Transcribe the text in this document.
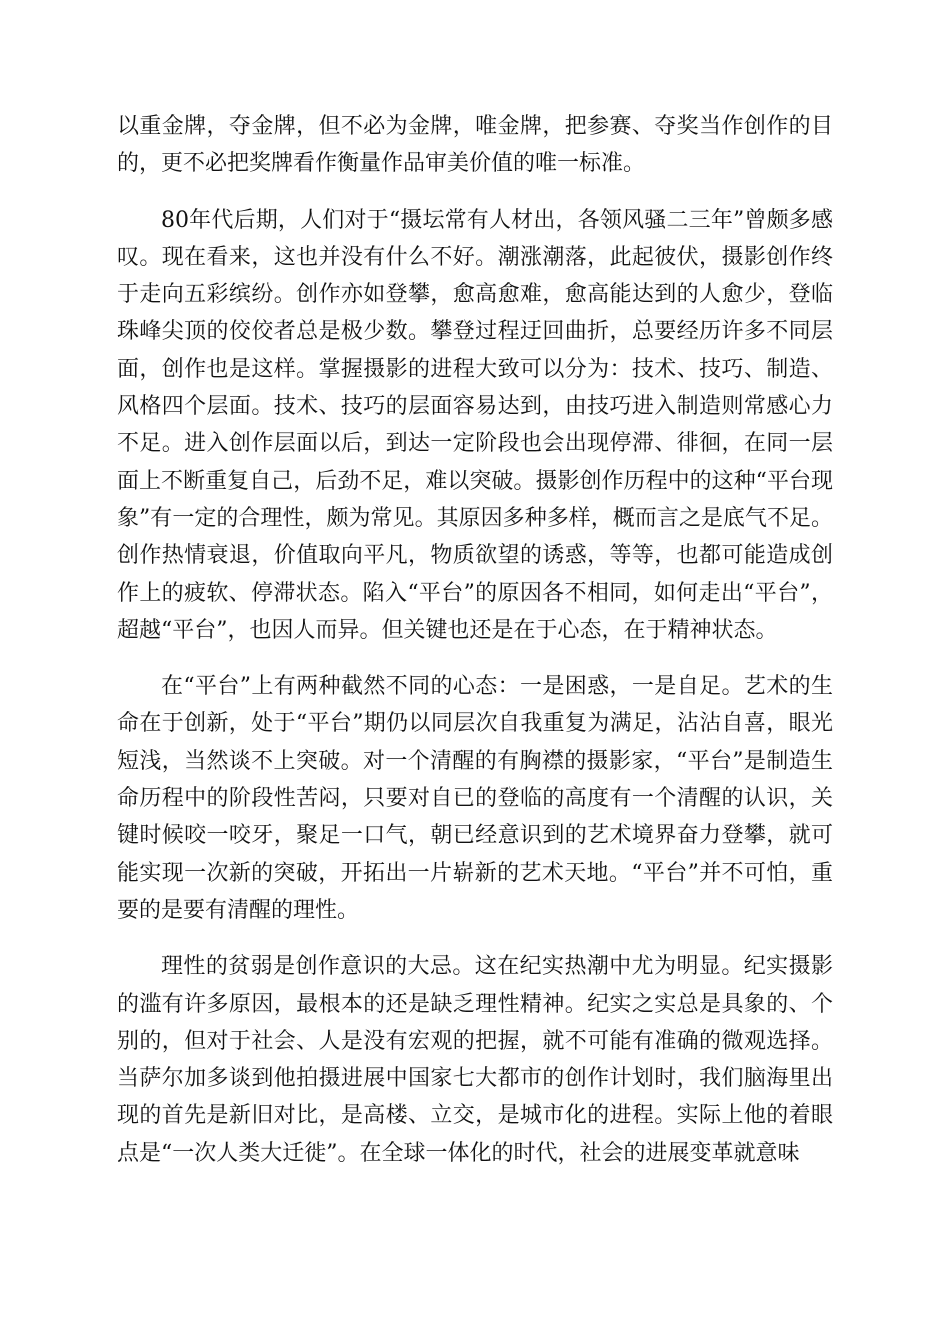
以重金牌，夺金牌，但不必为金牌，唯金牌，把参赛、夺奖当作创作的目的，更不必把奖牌看作衡量作品审美价值的唯一标准。

80年代后期，人们对于“摄坛常有人材出，各领风骚二三年”曾颇多感叹。现在看来，这也并没有什么不好。潮涨潮落，此起彼伏，摄影创作终于走向五彩缤纷。创作亦如登攀，愈高愈难，愈高能达到的人愈少，登临珠峰尖顶的佼佼者总是极少数。攀登过程迂回曲折，总要经历许多不同层面，创作也是这样。掌握摄影的进程大致可以分为：技术、技巧、制造、风格四个层面。技术、技巧的层面容易达到，由技巧进入制造则常感心力不足。进入创作层面以后，到达一定阶段也会出现停滞、徘徊，在同一层面上不断重复自己，后劲不足，难以突破。摄影创作历程中的这种“平台现象”有一定的合理性，颇为常见。其原因多种多样，概而言之是底气不足。创作热情衰退，价值取向平凡，物质欲望的诱惑，等等，也都可能造成创作上的疲软、停滞状态。陷入“平台”的原因各不相同，如何走出“平台”，超越“平台”，也因人而异。但关键也还是在于心态，在于精神状态。

在“平台”上有两种截然不同的心态：一是困惑，一是自足。艺术的生命在于创新，处于“平台”期仍以同层次自我重复为满足，沾沾自喜，眼光短浅，当然谈不上突破。对一个清醒的有胸襟的摄影家，“平台”是制造生命历程中的阶段性苦闷，只要对自已的登临的高度有一个清醒的认识，关键时候咬一咬牙，聚足一口气，朝已经意识到的艺术境界奋力登攀，就可能实现一次新的突破，开拓出一片崭新的艺术天地。“平台”并不可怕，重要的是要有清醒的理性。

理性的贫弱是创作意识的大忌。这在纪实热潮中尤为明显。纪实摄影的滥有许多原因，最根本的还是缺乏理性精神。纪实之实总是具象的、个别的，但对于社会、人是没有宏观的把握，就不可能有准确的微观选择。当萨尔加多谈到他拍摄进展中国家七大都市的创作计划时，我们脑海里出现的首先是新旧对比，是高楼、立交，是城市化的进程。实际上他的着眼点是“一次人类大迁徙”。在全球一体化的时代，社会的进展变革就意味
